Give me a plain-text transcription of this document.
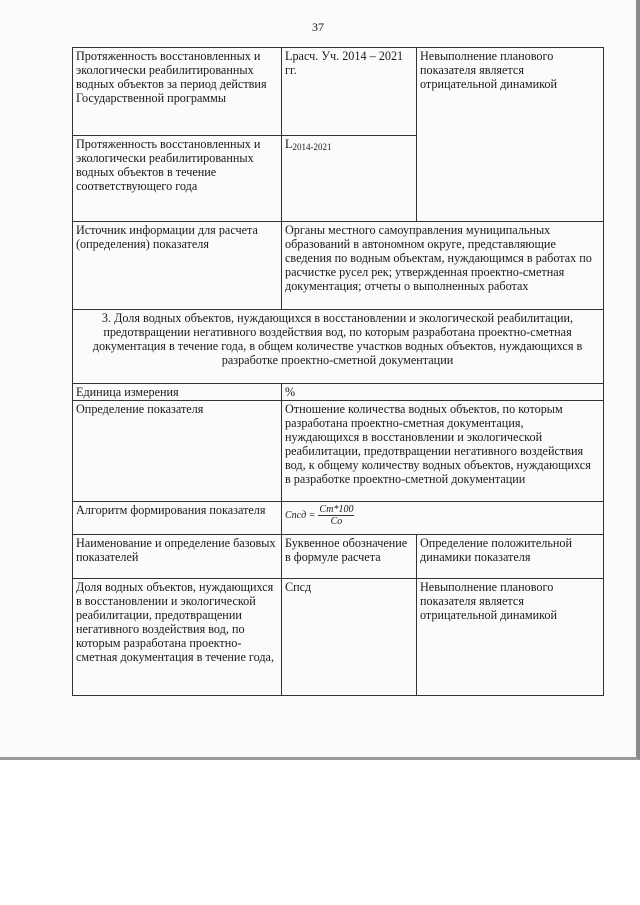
37
Протяженность восстановленных и экологически реабилитированных водных объектов за период действия Государственной программы	Lрасч. Уч. 2014 – 2021 гг.	Невыполнение планового показателя является отрицательной динамикой
Протяженность восстановленных и экологически реабилитированных водных объектов в течение соответствующего года	$L_{2014-2021}$
Источник информации для расчета (определения) показателя	Органы местного самоуправления муниципальных образований в автономном округе, представляющие сведения по водным объектам, нуждающимся в работах по расчистке русел рек; утвержденная проектно-сметная документация; отчеты о выполненных работах	
3. Доля водных объектов, нуждающихся в восстановлении и экологической реабилитации, предотвращении негативного воздействия вод, по которым разработана проектно-сметная документация в течение года, в общем количестве участков водных объектов, нуждающихся в разработке проектно-сметной документации		
Единица измерения	%	
Определение показателя	Отношение количества водных объектов, по которым разработана проектно-сметная документация, нуждающихся в восстановлении и экологической реабилитации, предотвращении негативного воздействия вод, к общему количеству водных объектов, нуждающихся в разработке проектно-сметной документации	
Алгоритм формирования показателя	Спсд = $\frac{Ст*100}{Со}$

Наименование и определение базовых показателей	Буквенное обозначение в формуле расчета	Определение положительной динамики показателя
Доля водных объектов, нуждающихся в восстановлении и экологической реабилитации, предотвращении негативного воздействия вод, по которым разработана проектно-сметная документация в течение года,	Спсд	Невыполнение планового показателя является отрицательной динамикой
